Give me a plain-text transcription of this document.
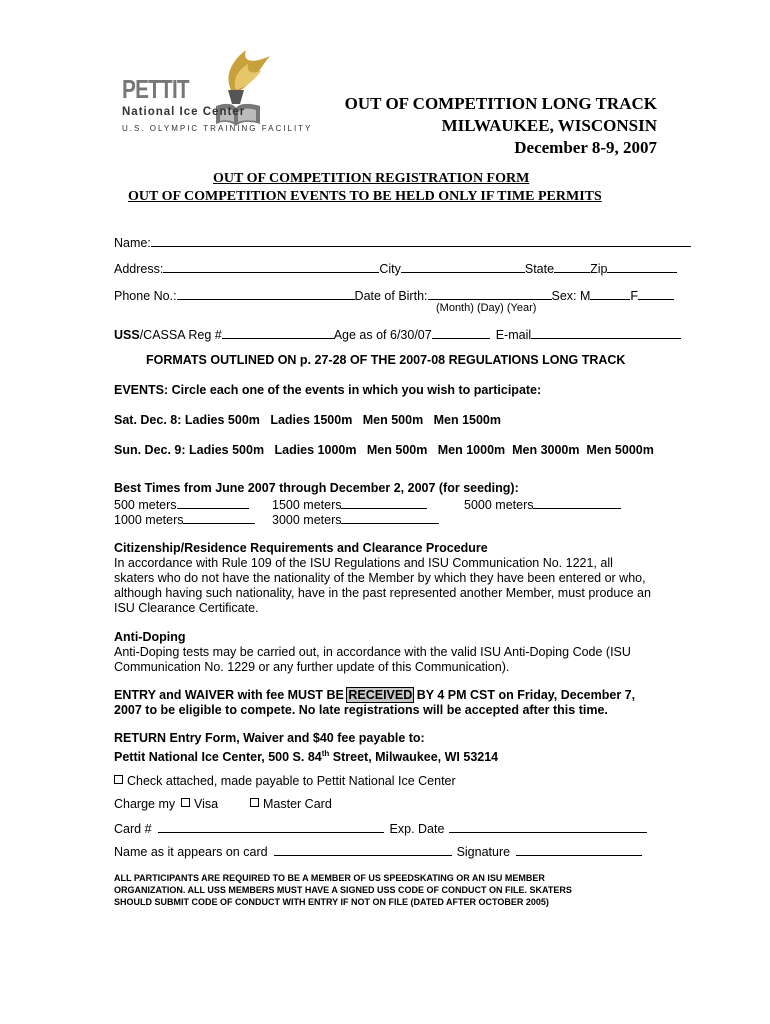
PETTIT
National Ice Center
U.S. OLYMPIC TRAINING FACILITY
OUT OF COMPETITION LONG TRACK
MILWAUKEE, WISCONSIN
December 8-9, 2007
OUT OF COMPETITION REGISTRATION FORM
OUT OF COMPETITION EVENTS TO BE HELD ONLY IF TIME PERMITS
Name:
Address:	City	State	Zip
Phone No.:	Date of Birth:	Sex: M	F
(Month) (Day) (Year)
USS/CASSA Reg #	Age as of 6/30/07	E-mail
FORMATS OUTLINED ON p. 27-28 OF THE 2007-08 REGULATIONS LONG TRACK
EVENTS: Circle each one of the events in which you wish to participate:
Sat. Dec. 8: Ladies 500m   Ladies 1500m   Men 500m   Men 1500m
Sun. Dec. 9: Ladies 500m   Ladies 1000m   Men 500m   Men 1000m  Men 3000m  Men 5000m
Best Times from June 2007 through December 2, 2007 (for seeding):
500 meters	1500 meters	5000 meters
1000 meters	3000 meters
Citizenship/Residence Requirements and Clearance Procedure
In accordance with Rule 109 of the ISU Regulations and ISU Communication No. 1221, all
skaters who do not have the nationality of the Member by which they have been entered or who,
although having such nationality, have in the past represented another Member, must produce an
ISU Clearance Certificate.
Anti-Doping
Anti-Doping tests may be carried out, in accordance with the valid ISU Anti-Doping Code (ISU
Communication No. 1229 or any further update of this Communication).
ENTRY and WAIVER with fee MUST BE RECEIVED BY 4 PM CST on Friday, December 7,
2007 to be eligible to compete. No late registrations will be accepted after this time.
RETURN Entry Form, Waiver and $40 fee payable to:
Pettit National Ice Center, 500 S. 84th Street, Milwaukee, WI 53214
Check attached, made payable to Pettit National Ice Center
Charge my	Visa	Master Card
Card #	Exp. Date
Name as it appears on card	Signature
ALL PARTICIPANTS ARE REQUIRED TO BE A MEMBER OF US SPEEDSKATING OR AN ISU MEMBER
ORGANIZATION. ALL USS MEMBERS MUST HAVE A SIGNED USS CODE OF CONDUCT ON FILE. SKATERS
SHOULD SUBMIT CODE OF CONDUCT WITH ENTRY IF NOT ON FILE (DATED AFTER OCTOBER 2005)
